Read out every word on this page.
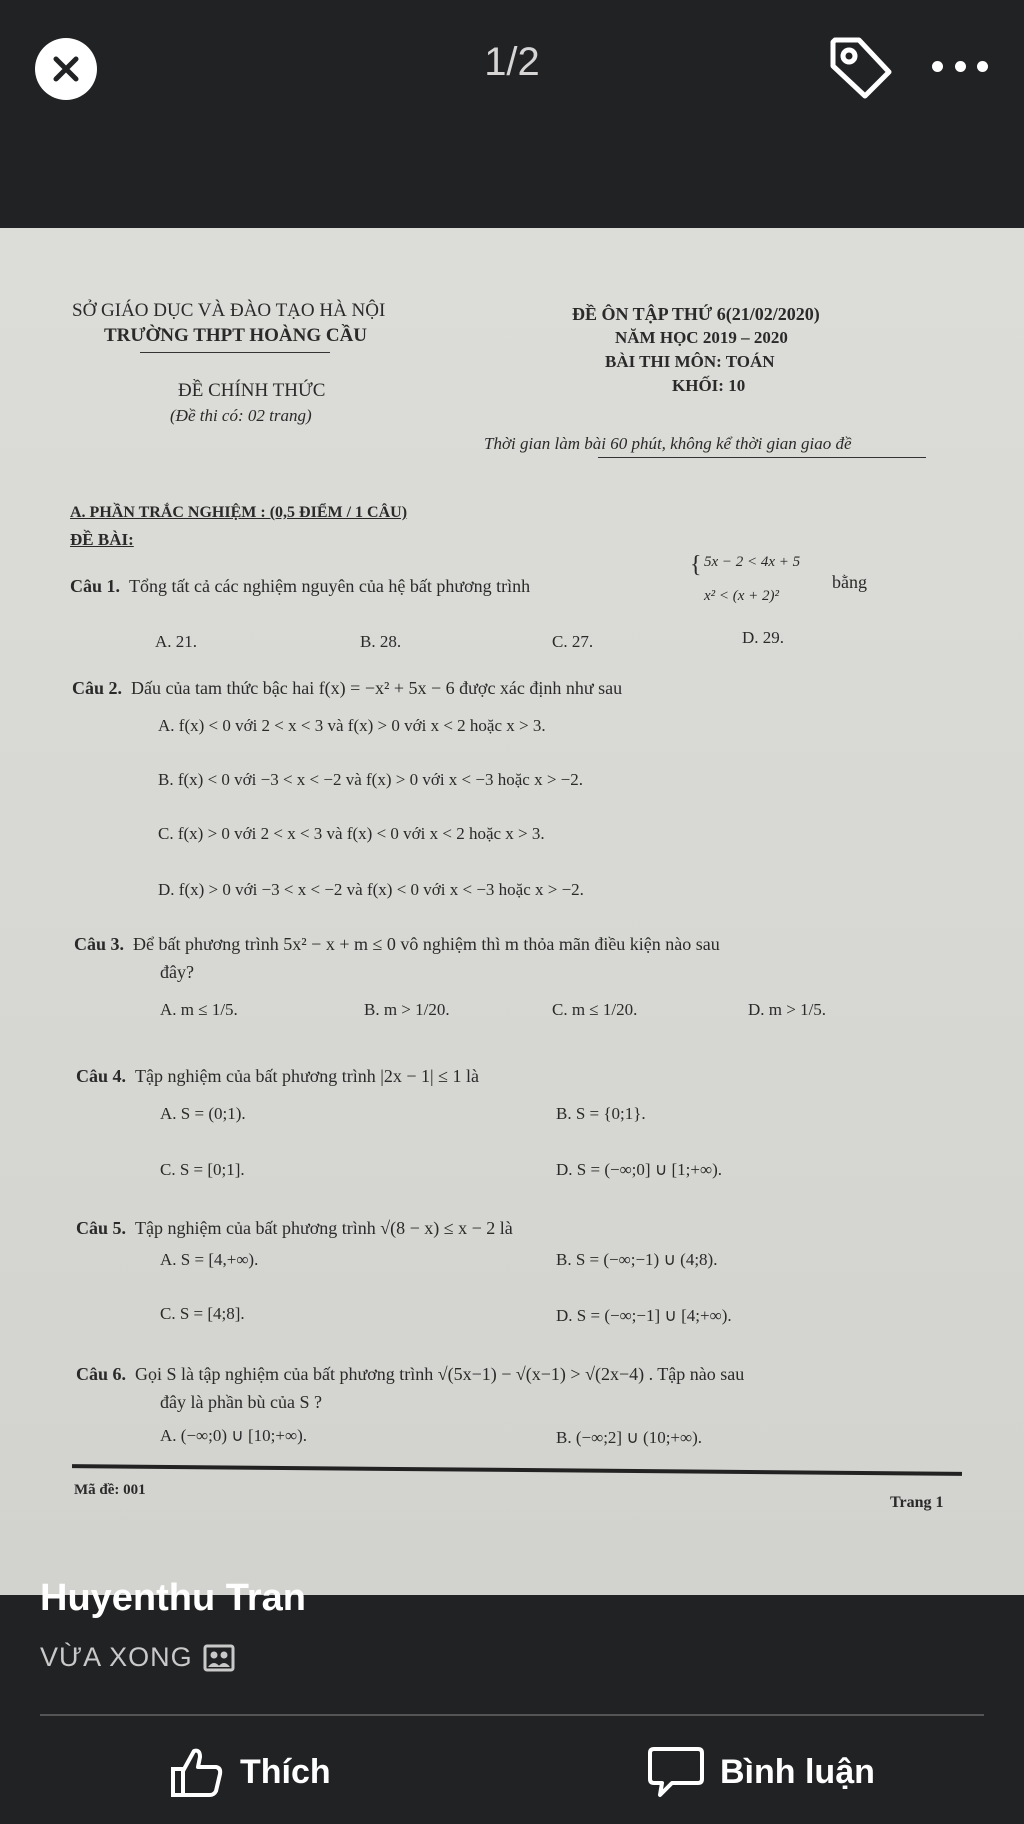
1/2
SỞ GIÁO DỤC VÀ ĐÀO TẠO HÀ NỘI
TRƯỜNG THPT HOÀNG CẦU
ĐỀ CHÍNH THỨC
(Đề thi có: 02 trang)
ĐỀ ÔN TẬP THỨ 6(21/02/2020)
NĂM HỌC 2019 – 2020
BÀI THI MÔN: TOÁN
KHỐI: 10
Thời gian làm bài 60 phút, không kể thời gian giao đề
A. PHẦN TRẮC NGHIỆM : (0,5 ĐIỂM / 1 CÂU)
ĐỀ BÀI:
Câu 1. Tổng tất cả các nghiệm nguyên của hệ bất phương trình
{ 5x − 2 < 4x + 5
x² < (x + 2)²
bằng
A. 21.	B. 28.	C. 27.	D. 29.
Câu 2. Dấu của tam thức bậc hai f(x) = −x² + 5x − 6 được xác định như sau
A. f(x) < 0 với 2 < x < 3 và f(x) > 0 với x < 2 hoặc x > 3.
B. f(x) < 0 với −3 < x < −2 và f(x) > 0 với x < −3 hoặc x > −2.
C. f(x) > 0 với 2 < x < 3 và f(x) < 0 với x < 2 hoặc x > 3.
D. f(x) > 0 với −3 < x < −2 và f(x) < 0 với x < −3 hoặc x > −2.
Câu 3. Để bất phương trình 5x² − x + m ≤ 0 vô nghiệm thì m thỏa mãn điều kiện nào sau
đây?
A. m ≤ 1/5.	B. m > 1/20.	C. m ≤ 1/20.	D. m > 1/5.
Câu 4. Tập nghiệm của bất phương trình |2x − 1| ≤ 1 là
A. S = (0;1).	B. S = {0;1}.
C. S = [0;1].	D. S = (−∞;0] ∪ [1;+∞).
Câu 5. Tập nghiệm của bất phương trình √(8 − x) ≤ x − 2 là
A. S = [4,+∞).	B. S = (−∞;−1) ∪ (4;8).
C. S = [4;8].	D. S = (−∞;−1] ∪ [4;+∞).
Câu 6. Gọi S là tập nghiệm của bất phương trình √(5x−1) − √(x−1) > √(2x−4) . Tập nào sau
đây là phần bù của S ?
A. (−∞;0) ∪ [10;+∞).	B. (−∞;2] ∪ (10;+∞).
Mã đề: 001
Trang 1
Huyenthu Tran
VỪA XONG
Thích	Bình luận
